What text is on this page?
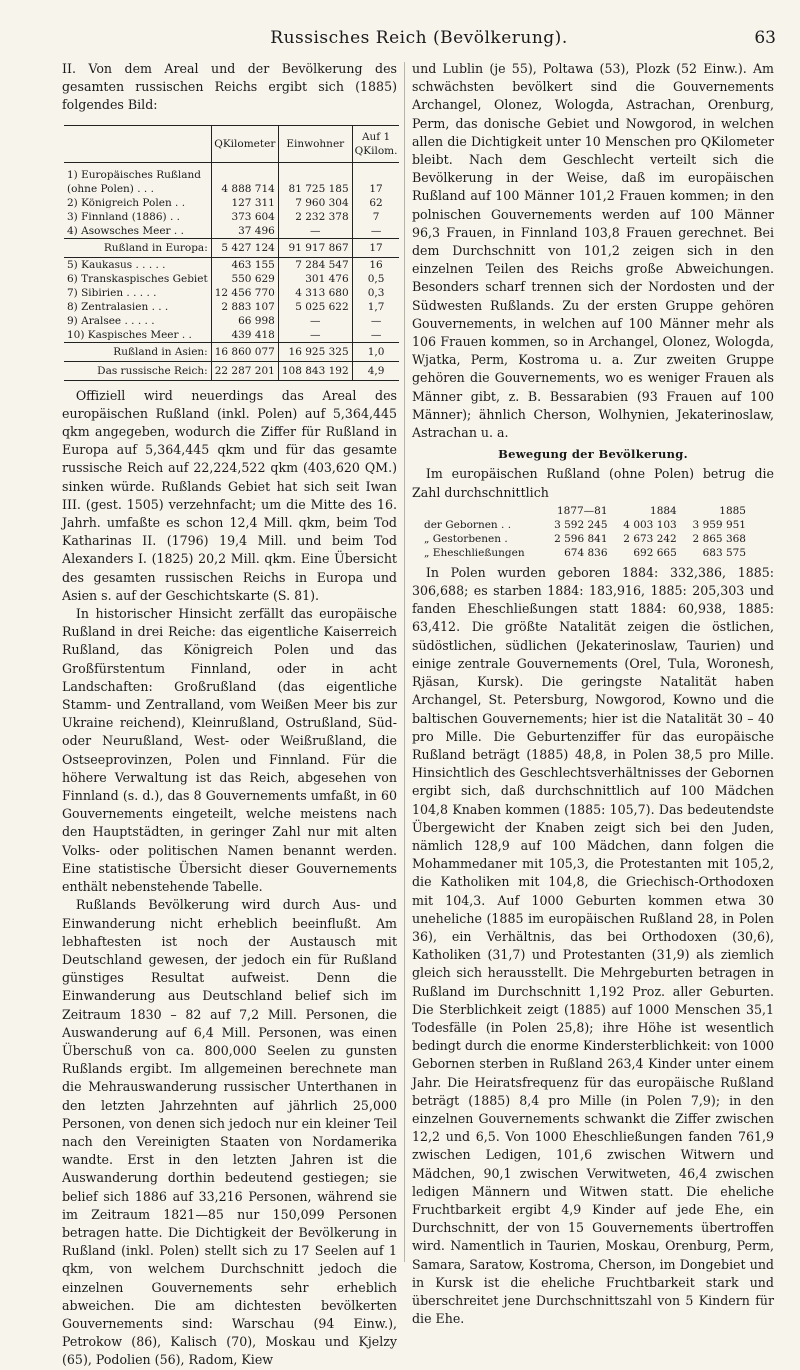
Russisches Reich (Bevölkerung).	63

II. Von dem Areal und der Bevölkerung des gesamten russischen Reichs ergibt sich (1885) folgendes Bild:

	QKilometer	Einwohner	Auf 1 QKilom.
1) Europäisches Rußland (ohne Polen) . . .	4 888 714	81 725 185	17
2) Königreich Polen . .	127 311	7 960 304	62
3) Finnland (1886) . .	373 604	2 232 378	7
4) Asowsches Meer . .	37 496	—	—
Rußland in Europa:	5 427 124	91 917 867	17
5) Kaukasus . . . . .	463 155	7 284 547	16
6) Transkaspisches Gebiet	550 629	301 476	0,5
7) Sibirien . . . . .	12 456 770	4 313 680	0,3
8) Zentralasien . . .	2 883 107	5 025 622	1,7
9) Aralsee . . . . .	66 998	—	—
10) Kaspisches Meer . .	439 418	—	—
Rußland in Asien:	16 860 077	16 925 325	1,0
Das russische Reich:	22 287 201	108 843 192	4,9

Offiziell wird neuerdings das Areal des europäischen Rußland (inkl. Polen) auf 5,364,445 qkm angegeben, wodurch die Ziffer für Rußland in Europa auf 5,364,445 qkm und für das gesamte russische Reich auf 22,224,522 qkm (403,620 QM.) sinken würde. Rußlands Gebiet hat sich seit Iwan III. (gest. 1505) verzehnfacht; um die Mitte des 16. Jahrh. umfaßte es schon 12,4 Mill. qkm, beim Tod Katharinas II. (1796) 19,4 Mill. und beim Tod Alexanders I. (1825) 20,2 Mill. qkm. Eine Übersicht des gesamten russischen Reichs in Europa und Asien s. auf der Geschichtskarte (S. 81).

In historischer Hinsicht zerfällt das europäische Rußland in drei Reiche: das eigentliche Kaiserreich Rußland, das Königreich Polen und das Großfürstentum Finnland, oder in acht Landschaften: Großrußland (das eigentliche Stamm- und Zentralland, vom Weißen Meer bis zur Ukraine reichend), Kleinrußland, Ostrußland, Süd- oder Neurußland, West- oder Weißrußland, die Ostseeprovinzen, Polen und Finnland. Für die höhere Verwaltung ist das Reich, abgesehen von Finnland (s. d.), das 8 Gouvernements umfaßt, in 60 Gouvernements eingeteilt, welche meistens nach den Hauptstädten, in geringer Zahl nur mit alten Volks- oder politischen Namen benannt werden. Eine statistische Übersicht dieser Gouvernements enthält nebenstehende Tabelle.

Rußlands Bevölkerung wird durch Aus- und Einwanderung nicht erheblich beeinflußt. Am lebhaftesten ist noch der Austausch mit Deutschland gewesen, der jedoch ein für Rußland günstiges Resultat aufweist. Denn die Einwanderung aus Deutschland belief sich im Zeitraum 1830 – 82 auf 7,2 Mill. Personen, die Auswanderung auf 6,4 Mill. Personen, was einen Überschuß von ca. 800,000 Seelen zu gunsten Rußlands ergibt. Im allgemeinen berechnete man die Mehrauswanderung russischer Unterthanen in den letzten Jahrzehnten auf jährlich 25,000 Personen, von denen sich jedoch nur ein kleiner Teil nach den Vereinigten Staaten von Nordamerika wandte. Erst in den letzten Jahren ist die Auswanderung dorthin bedeutend gestiegen; sie belief sich 1886 auf 33,216 Personen, während sie im Zeitraum 1821—85 nur 150,099 Personen betragen hatte. Die Dichtigkeit der Bevölkerung in Rußland (inkl. Polen) stellt sich zu 17 Seelen auf 1 qkm, von welchem Durchschnitt jedoch die einzelnen Gouvernements sehr erheblich abweichen. Die am dichtesten bevölkerten Gouvernements sind: Warschau (94 Einw.), Petrokow (86), Kalisch (70), Moskau und Kjelzy (65), Podolien (56), Radom, Kiew

und Lublin (je 55), Poltawa (53), Plozk (52 Einw.). Am schwächsten bevölkert sind die Gouvernements Archangel, Olonez, Wologda, Astrachan, Orenburg, Perm, das donische Gebiet und Nowgorod, in welchen allen die Dichtigkeit unter 10 Menschen pro QKilometer bleibt. Nach dem Geschlecht verteilt sich die Bevölkerung in der Weise, daß im europäischen Rußland auf 100 Männer 101,2 Frauen kommen; in den polnischen Gouvernements werden auf 100 Männer 96,3 Frauen, in Finnland 103,8 Frauen gerechnet. Bei dem Durchschnitt von 101,2 zeigen sich in den einzelnen Teilen des Reichs große Abweichungen. Besonders scharf trennen sich der Nordosten und der Südwesten Rußlands. Zu der ersten Gruppe gehören Gouvernements, in welchen auf 100 Männer mehr als 106 Frauen kommen, so in Archangel, Olonez, Wologda, Wjatka, Perm, Kostroma u. a. Zur zweiten Gruppe gehören die Gouvernements, wo es weniger Frauen als Männer gibt, z. B. Bessarabien (93 Frauen auf 100 Männer); ähnlich Cherson, Wolhynien, Jekaterinoslaw, Astrachan u. a.

Bewegung der Bevölkerung.

Im europäischen Rußland (ohne Polen) betrug die Zahl durchschnittlich

	1877—81	1884	1885
der Gebornen . .	3 592 245	4 003 103	3 959 951
„ Gestorbenen .	2 596 841	2 673 242	2 865 368
„ Eheschließungen	674 836	692 665	683 575

In Polen wurden geboren 1884: 332,386, 1885: 306,688; es starben 1884: 183,916, 1885: 205,303 und fanden Eheschließungen statt 1884: 60,938, 1885: 63,412. Die größte Natalität zeigen die östlichen, südöstlichen, südlichen (Jekaterinoslaw, Taurien) und einige zentrale Gouvernements (Orel, Tula, Woronesh, Rjäsan, Kursk). Die geringste Natalität haben Archangel, St. Petersburg, Nowgorod, Kowno und die baltischen Gouvernements; hier ist die Natalität 30 – 40 pro Mille. Die Geburtenziffer für das europäische Rußland beträgt (1885) 48,8, in Polen 38,5 pro Mille. Hinsichtlich des Geschlechtsverhältnisses der Gebornen ergibt sich, daß durchschnittlich auf 100 Mädchen 104,8 Knaben kommen (1885: 105,7). Das bedeutendste Übergewicht der Knaben zeigt sich bei den Juden, nämlich 128,9 auf 100 Mädchen, dann folgen die Mohammedaner mit 105,3, die Protestanten mit 105,2, die Katholiken mit 104,8, die Griechisch-Orthodoxen mit 104,3. Auf 1000 Geburten kommen etwa 30 uneheliche (1885 im europäischen Rußland 28, in Polen 36), ein Verhältnis, das bei Orthodoxen (30,6), Katholiken (31,7) und Protestanten (31,9) als ziemlich gleich sich herausstellt. Die Mehrgeburten betragen in Rußland im Durchschnitt 1,192 Proz. aller Geburten. Die Sterblichkeit zeigt (1885) auf 1000 Menschen 35,1 Todesfälle (in Polen 25,8); ihre Höhe ist wesentlich bedingt durch die enorme Kindersterblichkeit: von 1000 Gebornen sterben in Rußland 263,4 Kinder unter einem Jahr. Die Heiratsfrequenz für das europäische Rußland beträgt (1885) 8,4 pro Mille (in Polen 7,9); in den einzelnen Gouvernements schwankt die Ziffer zwischen 12,2 und 6,5. Von 1000 Eheschließungen fanden 761,9 zwischen Ledigen, 101,6 zwischen Witwern und Mädchen, 90,1 zwischen Verwitweten, 46,4 zwischen ledigen Männern und Witwen statt. Die eheliche Fruchtbarkeit ergibt 4,9 Kinder auf jede Ehe, ein Durchschnitt, der von 15 Gouvernements übertroffen wird. Namentlich in Taurien, Moskau, Orenburg, Perm, Samara, Saratow, Kostroma, Cherson, im Dongebiet und in Kursk ist die eheliche Fruchtbarkeit stark und überschreitet jene Durchschnittszahl von 5 Kindern für die Ehe.
